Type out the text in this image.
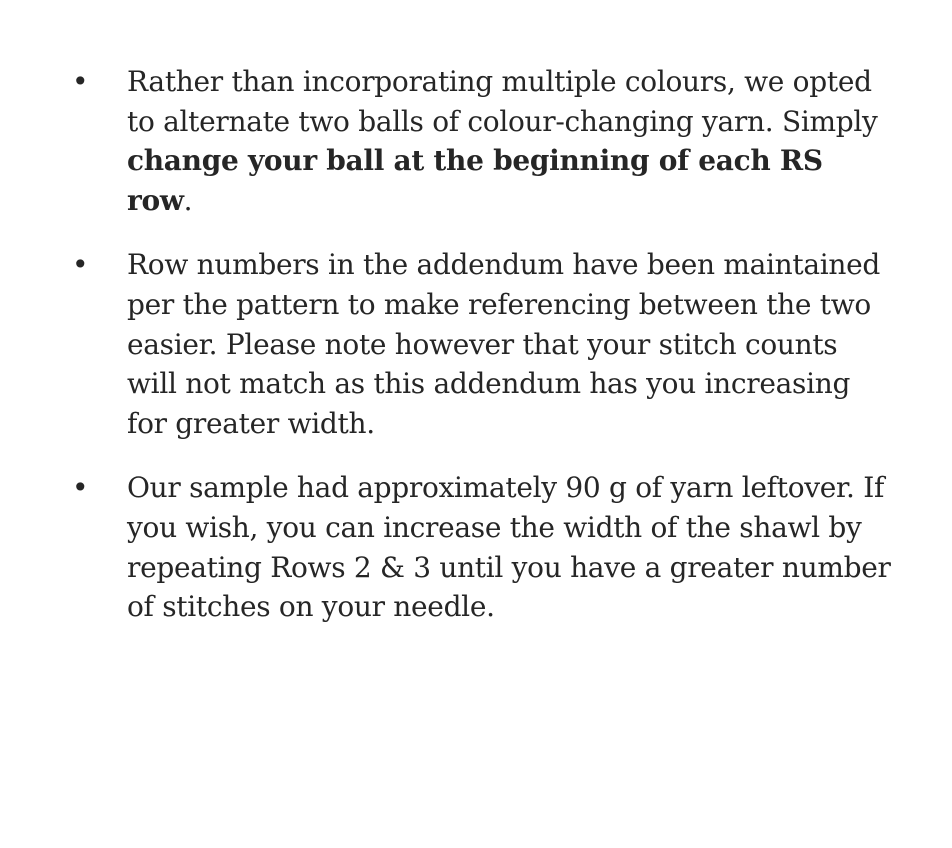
• Rather than incorporating multiple colours, we opted to alternate two balls of colour-changing yarn. Simply change your ball at the beginning of each RS row.
• Row numbers in the addendum have been maintained per the pattern to make referencing between the two easier. Please note however that your stitch counts will not match as this addendum has you increasing for greater width.
• Our sample had approximately 90 g of yarn leftover. If you wish, you can increase the width of the shawl by repeating Rows 2 & 3 until you have a greater number of stitches on your needle.
